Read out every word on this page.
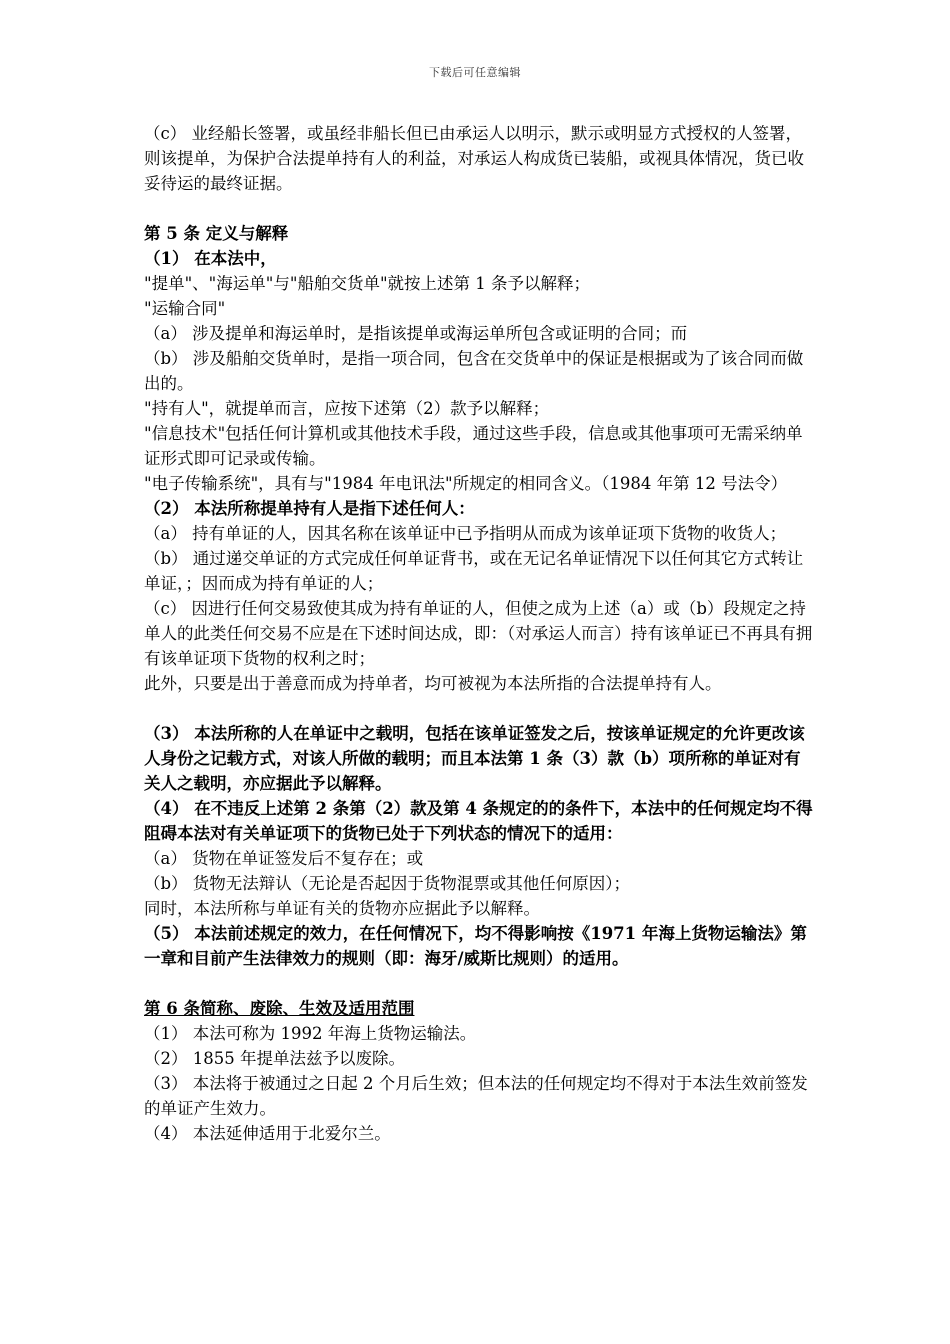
下载后可任意编辑

（c） 业经船长签署，或虽经非船长但已由承运人以明示，默示或明显方式授权的人签署，

则该提单，为保护合法提单持有人的利益，对承运人构成货已装船，或视具体情况，货已收妥待运的最终证据。

第 5 条 定义与解释

（1） 在本法中，

"提单"、"海运单"与"船舶交货单"就按上述第 1 条予以解释；

"运输合同"

（a） 涉及提单和海运单时，是指该提单或海运单所包含或证明的合同；而

（b） 涉及船舶交货单时，是指一项合同，包含在交货单中的保证是根据或为了该合同而做出的。

"持有人"，就提单而言，应按下述第（2）款予以解释；

"信息技术"包括任何计算机或其他技术手段，通过这些手段，信息或其他事项可无需采纳单证形式即可记录或传输。

"电子传输系统"，具有与"1984 年电讯法"所规定的相同含义。（1984 年第 12 号法令）

（2） 本法所称提单持有人是指下述任何人：

（a） 持有单证的人，因其名称在该单证中已予指明从而成为该单证项下货物的收货人；

（b） 通过递交单证的方式完成任何单证背书，或在无记名单证情况下以任何其它方式转让单证，；因而成为持有单证的人；

（c） 因进行任何交易致使其成为持有单证的人，但使之成为上述（a）或（b）段规定之持单人的此类任何交易不应是在下述时间达成，即：（对承运人而言）持有该单证已不再具有拥有该单证项下货物的权利之时；

此外，只要是出于善意而成为持单者，均可被视为本法所指的合法提单持有人。

（3） 本法所称的人在单证中之载明，包括在该单证签发之后，按该单证规定的允许更改该人身份之记载方式，对该人所做的载明；而且本法第 1 条（3）款（b）项所称的单证对有关人之载明，亦应据此予以解释。

（4） 在不违反上述第 2 条第（2）款及第 4 条规定的的条件下，本法中的任何规定均不得阻碍本法对有关单证项下的货物已处于下列状态的情况下的适用：

（a） 货物在单证签发后不复存在；或

（b） 货物无法辩认（无论是否起因于货物混票或其他任何原因）；

同时，本法所称与单证有关的货物亦应据此予以解释。

（5） 本法前述规定的效力，在任何情况下，均不得影响按《1971 年海上货物运输法》第一章和目前产生法律效力的规则（即：海牙/威斯比规则）的适用。

第 6 条简称、废除、生效及适用范围

（1） 本法可称为 1992 年海上货物运输法。

（2） 1855 年提单法兹予以废除。

（3） 本法将于被通过之日起 2 个月后生效；但本法的任何规定均不得对于本法生效前签发的单证产生效力。

（4） 本法延伸适用于北爱尔兰。
